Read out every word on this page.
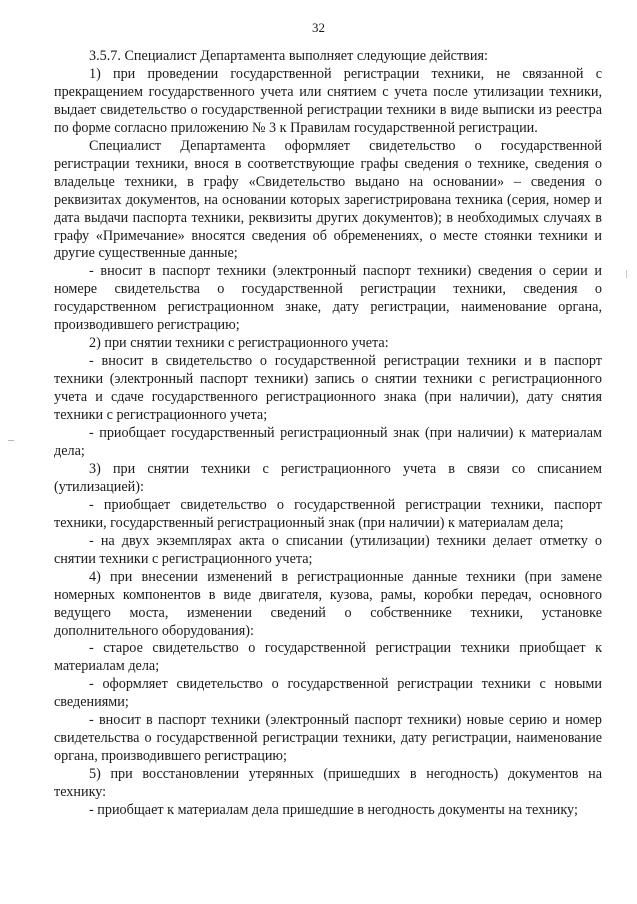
32

3.5.7. Специалист Департамента выполняет следующие действия:

1) при проведении государственной регистрации техники, не связанной с прекращением государственного учета или снятием с учета после утилизации техники, выдает свидетельство о государственной регистрации техники в виде выписки из реестра по форме согласно приложению № 3 к Правилам государственной регистрации.

Специалист Департамента оформляет свидетельство о государственной регистрации техники, внося в соответствующие графы сведения о технике, сведения о владельце техники, в графу «Свидетельство выдано на основании» – сведения о реквизитах документов, на основании которых зарегистрирована техника (серия, номер и дата выдачи паспорта техники, реквизиты других документов); в необходимых случаях в графу «Примечание» вносятся сведения об обременениях, о месте стоянки техники и другие существенные данные;

- вносит в паспорт техники (электронный паспорт техники) сведения о серии и номере свидетельства о государственной регистрации техники, сведения о государственном регистрационном знаке, дату регистрации, наименование органа, производившего регистрацию;

2) при снятии техники с регистрационного учета:

- вносит в свидетельство о государственной регистрации техники и в паспорт техники (электронный паспорт техники) запись о снятии техники с регистрационного учета и сдаче государственного регистрационного знака (при наличии), дату снятия техники с регистрационного учета;

- приобщает государственный регистрационный знак (при наличии) к материалам дела;

3) при снятии техники с регистрационного учета в связи со списанием (утилизацией):

- приобщает свидетельство о государственной регистрации техники, паспорт техники, государственный регистрационный знак (при наличии) к материалам дела;

- на двух экземплярах акта о списании (утилизации) техники делает отметку о снятии техники с регистрационного учета;

4) при внесении изменений в регистрационные данные техники (при замене номерных компонентов в виде двигателя, кузова, рамы, коробки передач, основного ведущего моста, изменении сведений о собственнике техники, установке дополнительного оборудования):

- старое свидетельство о государственной регистрации техники приобщает к материалам дела;

- оформляет свидетельство о государственной регистрации техники с новыми сведениями;

- вносит в паспорт техники (электронный паспорт техники) новые серию и номер свидетельства о государственной регистрации техники, дату регистрации, наименование органа, производившего регистрацию;

5) при восстановлении утерянных (пришедших в негодность) документов на технику:

- приобщает к материалам дела пришедшие в негодность документы на технику;
